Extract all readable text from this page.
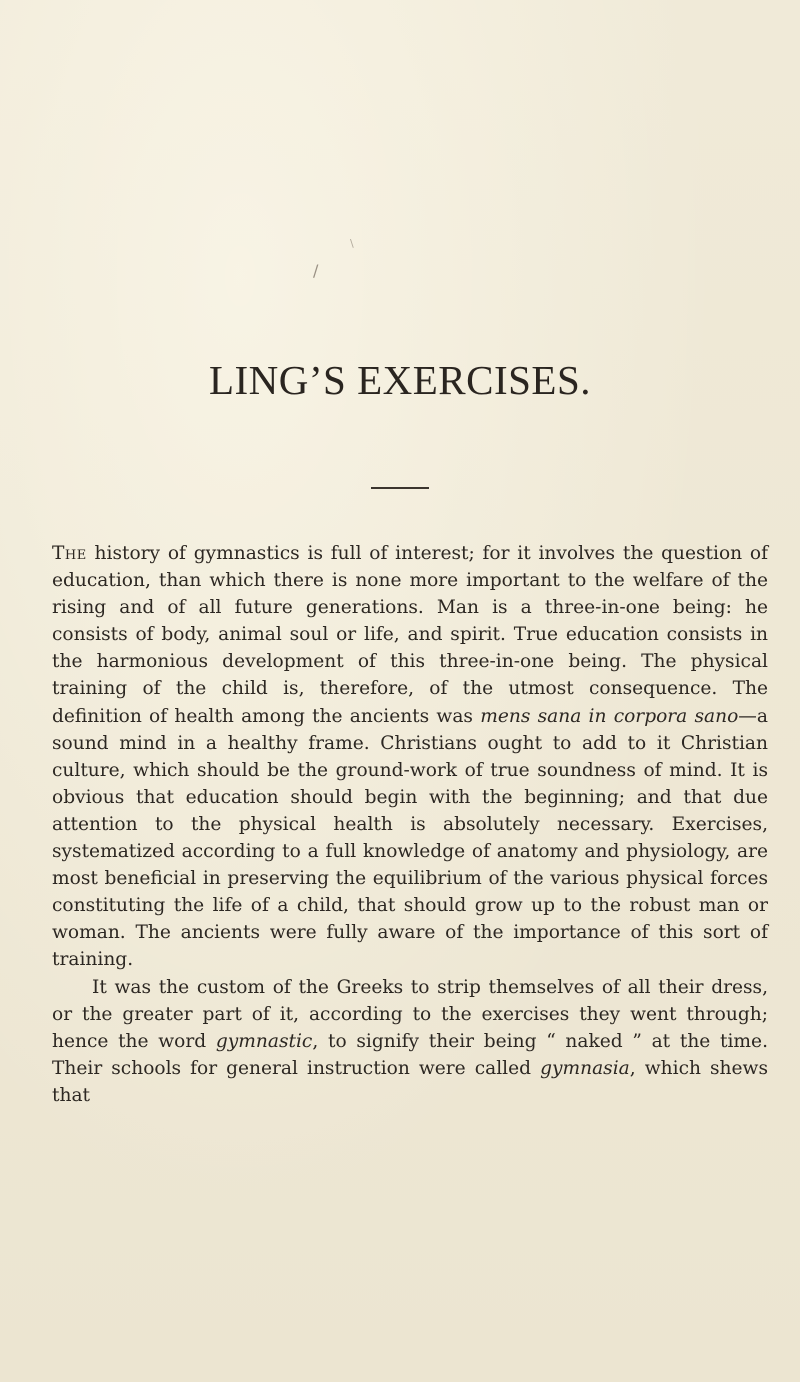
/
\
LING’S EXERCISES.

The history of gymnastics is full of interest; for it involves the question of education, than which there is none more important to the welfare of the rising and of all future generations. Man is a three-in-one being: he consists of body, animal soul or life, and spirit. True education consists in the harmonious development of this three-in-one being. The physical training of the child is, therefore, of the utmost consequence. The definition of health among the ancients was mens sana in corpora sano—a sound mind in a healthy frame. Christians ought to add to it Christian culture, which should be the ground-work of true soundness of mind. It is obvious that education should begin with the beginning; and that due attention to the physical health is absolutely necessary. Exercises, systematized according to a full knowledge of anatomy and physiology, are most beneficial in preserving the equilibrium of the various physical forces constituting the life of a child, that should grow up to the robust man or woman. The ancients were fully aware of the importance of this sort of training.

It was the custom of the Greeks to strip themselves of all their dress, or the greater part of it, according to the exercises they went through; hence the word gymnastic, to signify their being “ naked ” at the time. Their schools for general instruction were called gymnasia, which shews that
